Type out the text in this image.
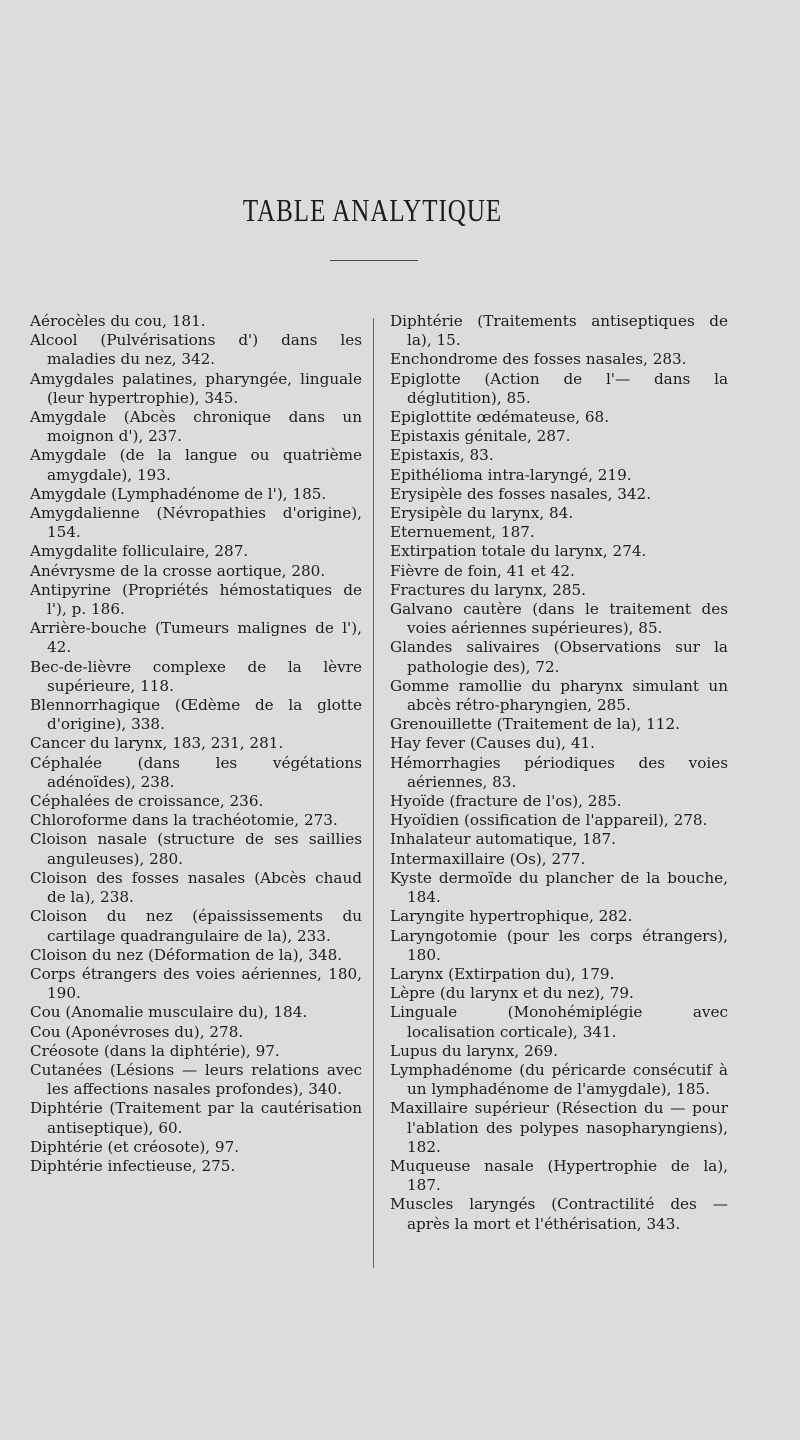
TABLE ANALYTIQUE
Aérocèles du cou, 181.
Alcool (Pulvérisations d') dans les maladies du nez, 342.
Amygdales palatines, pharyngée, linguale (leur hypertrophie), 345.
Amygdale (Abcès chronique dans un moignon d'), 237.
Amygdale (de la langue ou quatrième amygdale), 193.
Amygdale (Lymphadénome de l'), 185.
Amygdalienne (Névropathies d'origine), 154.
Amygdalite folliculaire, 287.
Anévrysme de la crosse aortique, 280.
Antipyrine (Propriétés hémostatiques de l'), p. 186.
Arrière-bouche (Tumeurs malignes de l'), 42.
Bec-de-lièvre complexe de la lèvre supérieure, 118.
Blennorrhagique (Œdème de la glotte d'origine), 338.
Cancer du larynx, 183, 231, 281.
Céphalée (dans les végétations adénoïdes), 238.
Céphalées de croissance, 236.
Chloroforme dans la trachéotomie, 273.
Cloison nasale (structure de ses saillies anguleuses), 280.
Cloison des fosses nasales (Abcès chaud de la), 238.
Cloison du nez (épaississements du cartilage quadrangulaire de la), 233.
Cloison du nez (Déformation de la), 348.
Corps étrangers des voies aériennes, 180, 190.
Cou (Anomalie musculaire du), 184.
Cou (Aponévroses du), 278.
Créosote (dans la diphtérie), 97.
Cutanées (Lésions — leurs relations avec les affections nasales profondes), 340.
Diphtérie (Traitement par la cautérisation antiseptique), 60.
Diphtérie (et créosote), 97.
Diphtérie infectieuse, 275.
Diphtérie (Traitements antiseptiques de la), 15.
Enchondrome des fosses nasales, 283.
Epiglotte (Action de l'— dans la déglutition), 85.
Epiglottite œdémateuse, 68.
Epistaxis génitale, 287.
Epistaxis, 83.
Epithélioma intra-laryngé, 219.
Erysipèle des fosses nasales, 342.
Erysipèle du larynx, 84.
Eternuement, 187.
Extirpation totale du larynx, 274.
Fièvre de foin, 41 et 42.
Fractures du larynx, 285.
Galvano cautère (dans le traitement des voies aériennes supérieures), 85.
Glandes salivaires (Observations sur la pathologie des), 72.
Gomme ramollie du pharynx simulant un abcès rétro-pharyngien, 285.
Grenouillette (Traitement de la), 112.
Hay fever (Causes du), 41.
Hémorrhagies périodiques des voies aériennes, 83.
Hyoïde (fracture de l'os), 285.
Hyoïdien (ossification de l'appareil), 278.
Inhalateur automatique, 187.
Intermaxillaire (Os), 277.
Kyste dermoïde du plancher de la bouche, 184.
Laryngite hypertrophique, 282.
Laryngotomie (pour les corps étrangers), 180.
Larynx (Extirpation du), 179.
Lèpre (du larynx et du nez), 79.
Linguale (Monohémiplégie avec localisation corticale), 341.
Lupus du larynx, 269.
Lymphadénome (du péricarde consécutif à un lymphadénome de l'amygdale), 185.
Maxillaire supérieur (Résection du — pour l'ablation des polypes nasopharyngiens), 182.
Muqueuse nasale (Hypertrophie de la), 187.
Muscles laryngés (Contractilité des — après la mort et l'éthérisation, 343.
